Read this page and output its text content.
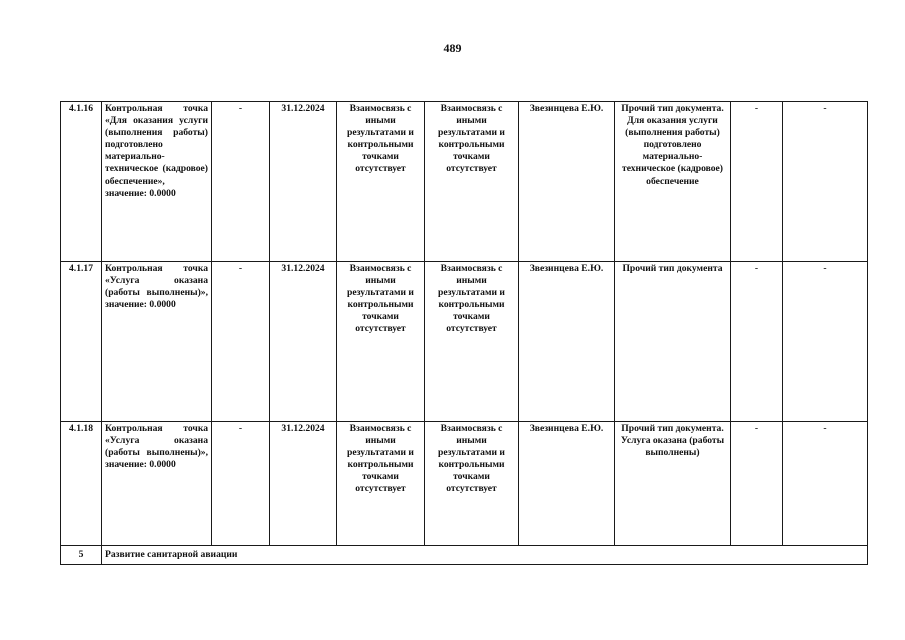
489
4.1.16	Контрольная точка «Для оказания услуги (выполнения работы) подготовлено материально-техническое (кадровое) обеспечение», значение: 0.0000	-	31.12.2024	Взаимосвязь с иными результатами и контрольными точками отсутствует	Взаимосвязь с иными результатами и контрольными точками отсутствует	Звезинцева Е.Ю.	Прочий тип документа. Для оказания услуги (выполнения работы) подготовлено материально-техническое (кадровое) обеспечение	-	-
4.1.17	Контрольная точка «Услуга оказана (работы выполнены)», значение: 0.0000	-	31.12.2024	Взаимосвязь с иными результатами и контрольными точками отсутствует	Взаимосвязь с иными результатами и контрольными точками отсутствует	Звезинцева Е.Ю.	Прочий тип документа	-	-
4.1.18	Контрольная точка «Услуга оказана (работы выполнены)», значение: 0.0000	-	31.12.2024	Взаимосвязь с иными результатами и контрольными точками отсутствует	Взаимосвязь с иными результатами и контрольными точками отсутствует	Звезинцева Е.Ю.	Прочий тип документа. Услуга оказана (работы выполнены)	-	-
5	Развитие санитарной авиации								
